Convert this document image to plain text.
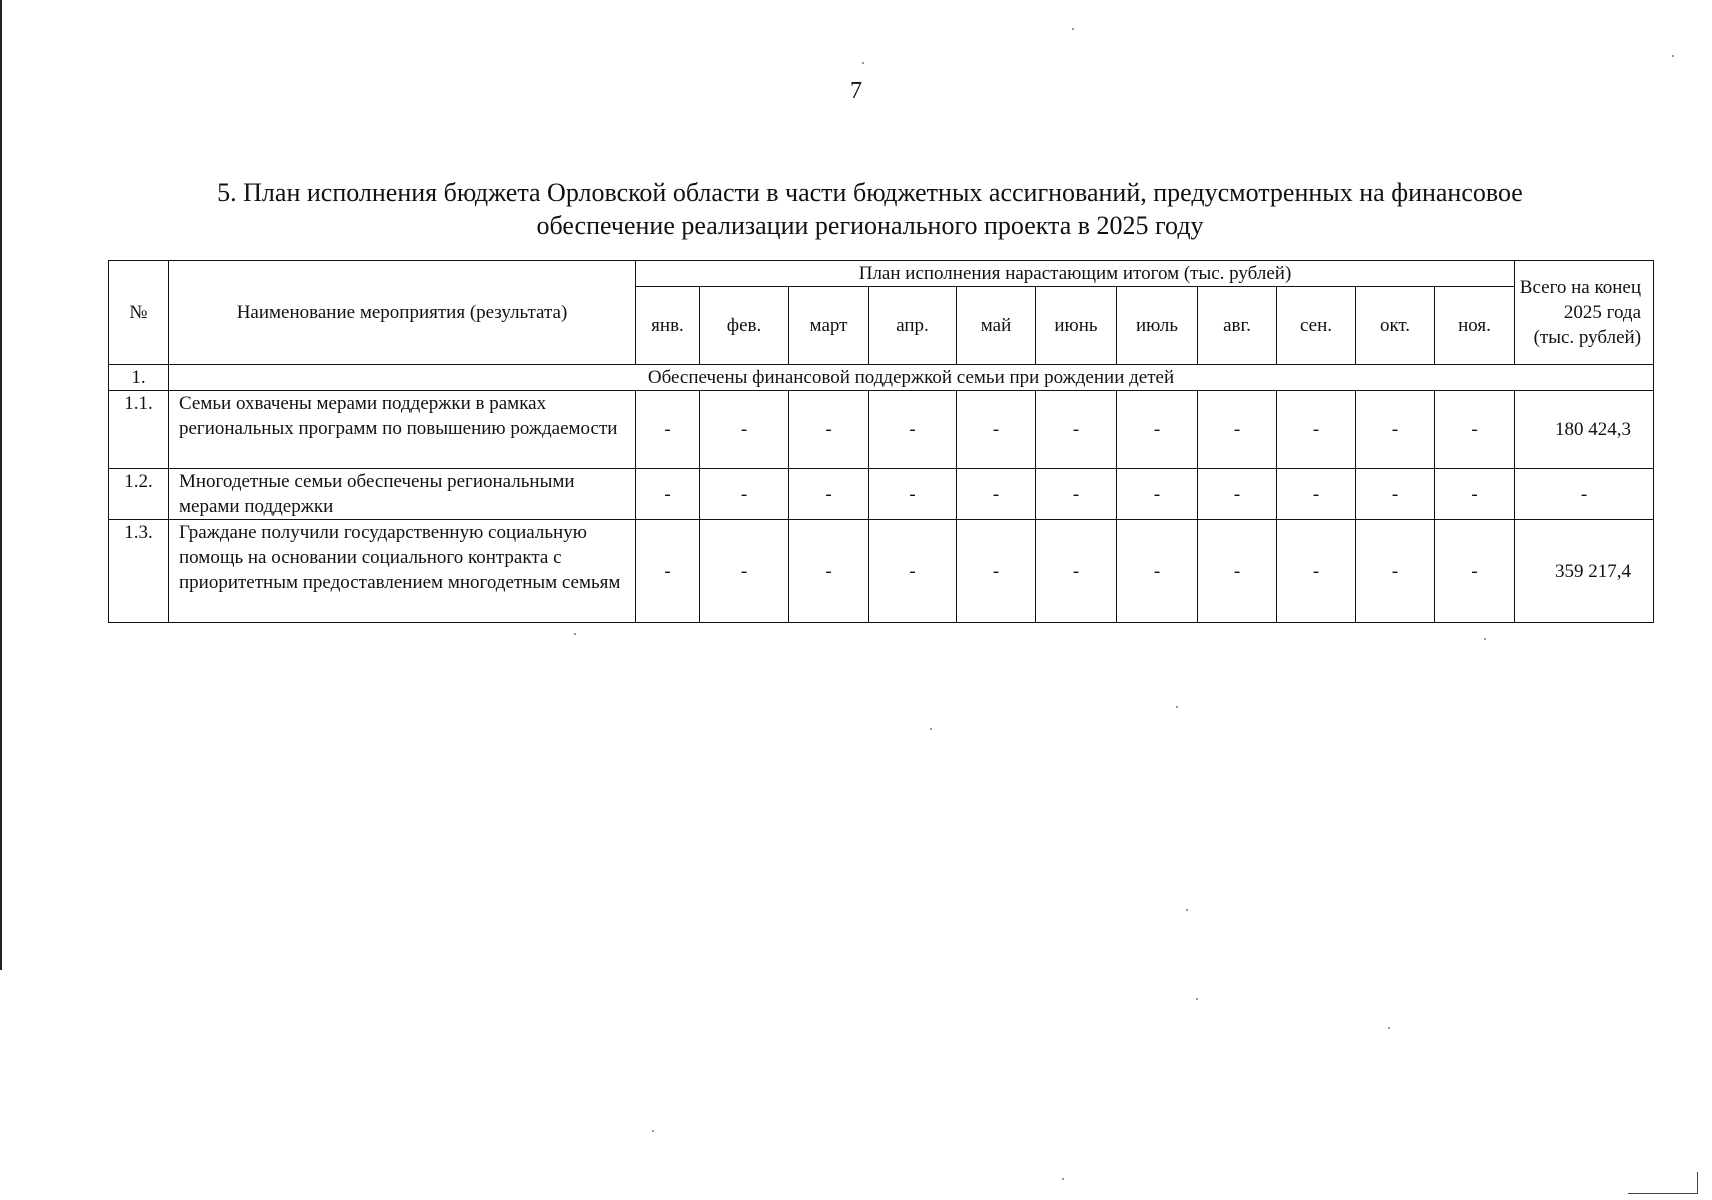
7
5. План исполнения бюджета Орловской области в части бюджетных ассигнований, предусмотренных на финансовое
обеспечение реализации регионального проекта в 2025 году
№	Наименование мероприятия (результата)	План исполнения нарастающим итогом (тыс. рублей)											Всего на конец 2025 года (тыс. рублей)
		янв.	фев.	март	апр.	май	июнь	июль	авг.	сен.	окт.	ноя.	
1.	Обеспечены финансовой поддержкой семьи при рождении детей												
1.1.	Семьи охвачены мерами поддержки в рамках региональных программ по повышению рождаемости	-	-	-	-	-	-	-	-	-	-	-	180 424,3
1.2.	Многодетные семьи обеспечены региональными мерами поддержки	-	-	-	-	-	-	-	-	-	-	-	-
1.3.	Граждане получили государственную социальную помощь на основании социального контракта с приоритетным предоставлением многодетным семьям	-	-	-	-	-	-	-	-	-	-	-	359 217,4
